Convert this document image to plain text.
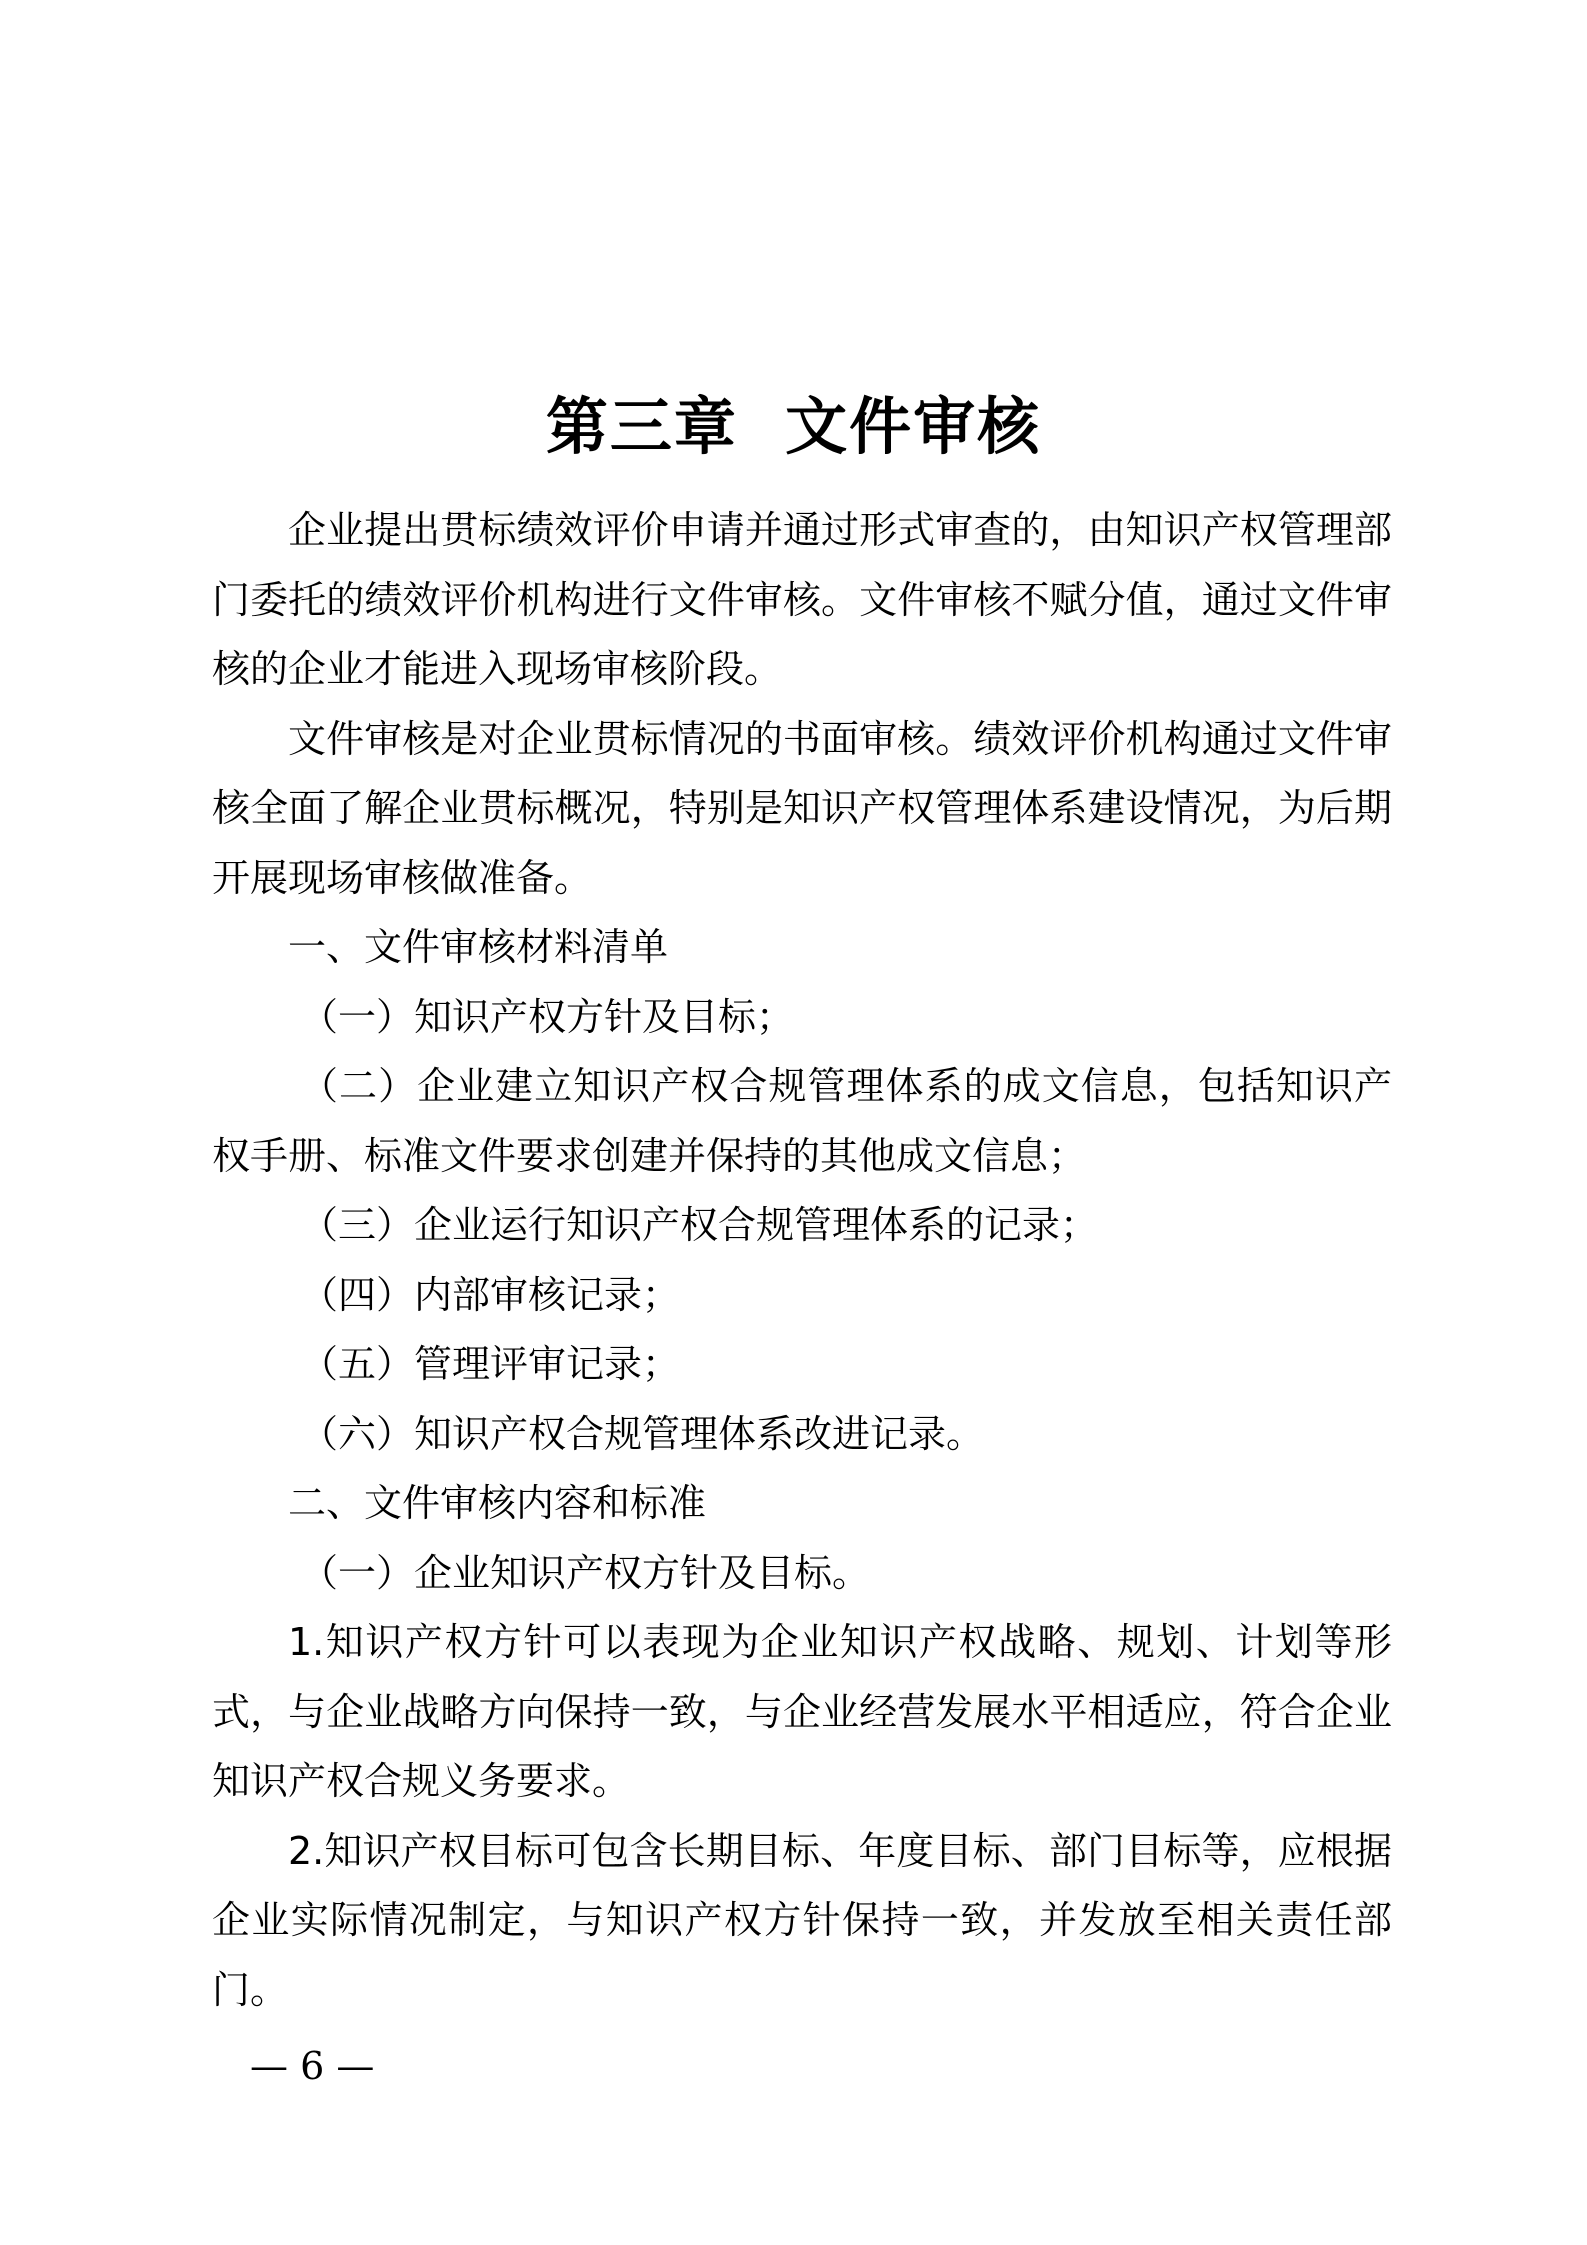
第三章  文件审核

企业提出贯标绩效评价申请并通过形式审查的，由知识产权管理部门委托的绩效评价机构进行文件审核。文件审核不赋分值，通过文件审核的企业才能进入现场审核阶段。

文件审核是对企业贯标情况的书面审核。绩效评价机构通过文件审核全面了解企业贯标概况，特别是知识产权管理体系建设情况，为后期开展现场审核做准备。

一、文件审核材料清单

（一）知识产权方针及目标；

（二）企业建立知识产权合规管理体系的成文信息，包括知识产权手册、标准文件要求创建并保持的其他成文信息；

（三）企业运行知识产权合规管理体系的记录；

（四）内部审核记录；

（五）管理评审记录；

（六）知识产权合规管理体系改进记录。

二、文件审核内容和标准

（一）企业知识产权方针及目标。

1.知识产权方针可以表现为企业知识产权战略、规划、计划等形式，与企业战略方向保持一致，与企业经营发展水平相适应，符合企业知识产权合规义务要求。

2.知识产权目标可包含长期目标、年度目标、部门目标等，应根据企业实际情况制定，与知识产权方针保持一致，并发放至相关责任部门。

— 6 —
